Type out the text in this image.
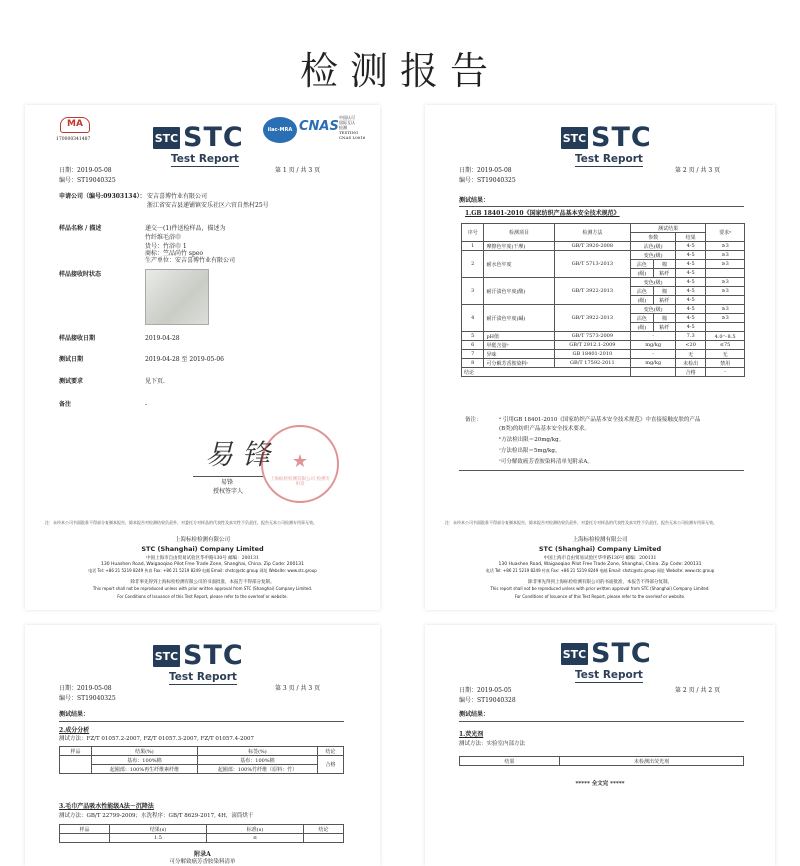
检测报告
MA
170000341487	STC STC
Test Report
ilac-MRA CNAS
中国认可
国际互认
检测
TESTING
CNAS L0616
日期：2019-05-08
编号：ST19040325
第 1 页 / 共 3 页
申请公司（编号:09303134）： 安吉喜博竹业有限公司
浙江省安吉县递铺镇安乐社区六官自然村25号
样品名称 / 描述	递交一(1)件送检样品，描述为
竹纤维毛浴巾
货号：竹浴巾 1
商标：竺品尚竹 speo
生产单位：安吉喜博竹业有限公司
样品接收时状态
样品接收日期	2019-04-28
测试日期	2019-04-28 至 2019-05-06
测试要求	见下页.
备注	-
易 锋
易锋
授权签字人
★
上海标检检测有限公司 检测专用章
注：未经本公司书面批准不得部分复制本报告，除本报告对检测结果负责外，对委托方对样品的代表性及真实性不负责任，报告无本公司检测专用章无效。
上海标检检测有限公司
STC (Shanghai) Company Limited
中国上海市自由贸易试验区华申路130号 邮编：200131
130 Huashen Road, Waigaoqiao Pilot Free Trade Zone, Shanghai, China. Zip Code: 200131
电话 Tel: +86 21 5219 8249 传真 Fax: +86 21 5219 8249 电邮 Email: shstc@stc.group 网址 Website: www.stc.group
除非事先得到上海标检检测有限公司的书面批准，本报告不得部分复制。
This report shall not be reproduced unless with prior written approval from STC (Shanghai) Company Limited.
For Conditions of Issuance of this Test Report, please refer to the overleaf or website.
STC STC
Test Report
日期：2019-05-08
编号：ST19040325
第 2 页 / 共 3 页
测试结果：
1.GB 18401-2010《国家纺织产品基本安全技术规范》
序号	检测项目	检测方法	测试结果			要求ᵃ
			参数		结果	
1	摩擦色牢度(干摩)	GB/T 3920-2008	沾色(级)		4-5	≥3
2	耐水色牢度	GB/T 5713-2013	变色(级)		4-5	≥3
			沾色	棉	4-5	≥3
			(级)	粘纤	4-5	
3	耐汗渍色牢度(酸)	GB/T 3922-2013	变色(级)		4-5	≥3
			沾色	棉	4-5	≥3
			(级)	粘纤	4-5	
4	耐汗渍色牢度(碱)	GB/T 3922-2013	变色(级)		4-5	≥3
			沾色	棉	4-5	≥3
			(级)	粘纤	4-5	
5	pH值	GB/T 7573-2009	-		7.3	4.0～8.5
6	甲醛含量ᵇ	GB/T 2912.1-2009	mg/kg		<20	≤75
7	异味	GB 18401-2010	-		无	无
8	可分解芳香胺染料ᶜ	GB/T 17592-2011	mg/kg		未检出	禁用
结论					合格	-
备注：	ᵃ 引用GB 18401-2010《国家纺织产品基本安全技术规范》中直接接触皮肤的产品
(B类)的纺织产品基本安全技术要求。
ᵇ方法检出限＝20mg/kg。
ᶜ方法检出限＝5mg/kg。
ᶜ可分解致癌芳香胺染料清单见附录A。
注：未经本公司书面批准不得部分复制本报告，除本报告对检测结果负责外，对委托方对样品的代表性及真实性不负责任，报告无本公司检测专用章无效。
上海标检检测有限公司
STC (Shanghai) Company Limited
中国上海市自由贸易试验区华申路130号 邮编：200131
130 Huashen Road, Waigaoqiao Pilot Free Trade Zone, Shanghai, China. Zip Code: 200131
电话 Tel: +86 21 5219 8249 传真 Fax: +86 21 5219 8249 电邮 Email: shstc@stc.group 网址 Website: www.stc.group
除非事先得到上海标检检测有限公司的书面批准，本报告不得部分复制。
This report shall not be reproduced unless with prior written approval from STC (Shanghai) Company Limited.
For Conditions of Issuance of this Test Report, please refer to the overleaf or website.
STC STC
Test Report
日期：2019-05-08
编号：ST19040325
第 3 页 / 共 3 页
测试结果：
2.成分分析
测试方法：FZ/T 01057.2-2007, FZ/T 01057.3-2007, FZ/T 01057.4-2007
样品	结果(%)	标签(%)	结论
	基布：100%棉	基布：100%棉	合格
	起圈部：100%再生纤维素纤维	起圈部：100%竹纤维（原料：竹）	
3.毛巾产品吸水性能级A法－沉降法
测试方法：GB/T 22799-2009；水洗程序：GB/T 8629-2017, 4H，滚筒烘干
样品	结果(s)	标准(s)	结论
	1.5	≤	
附录A
可分解致癌芳香胺染料清单
STC STC
Test Report
日期：2019-05-05
编号：ST19040328
第 2 页 / 共 2 页
测试结果：
1.荧光剂
测试方法：实验室内部方法
结果	未检测出荧光剂
***** 全文完 *****
